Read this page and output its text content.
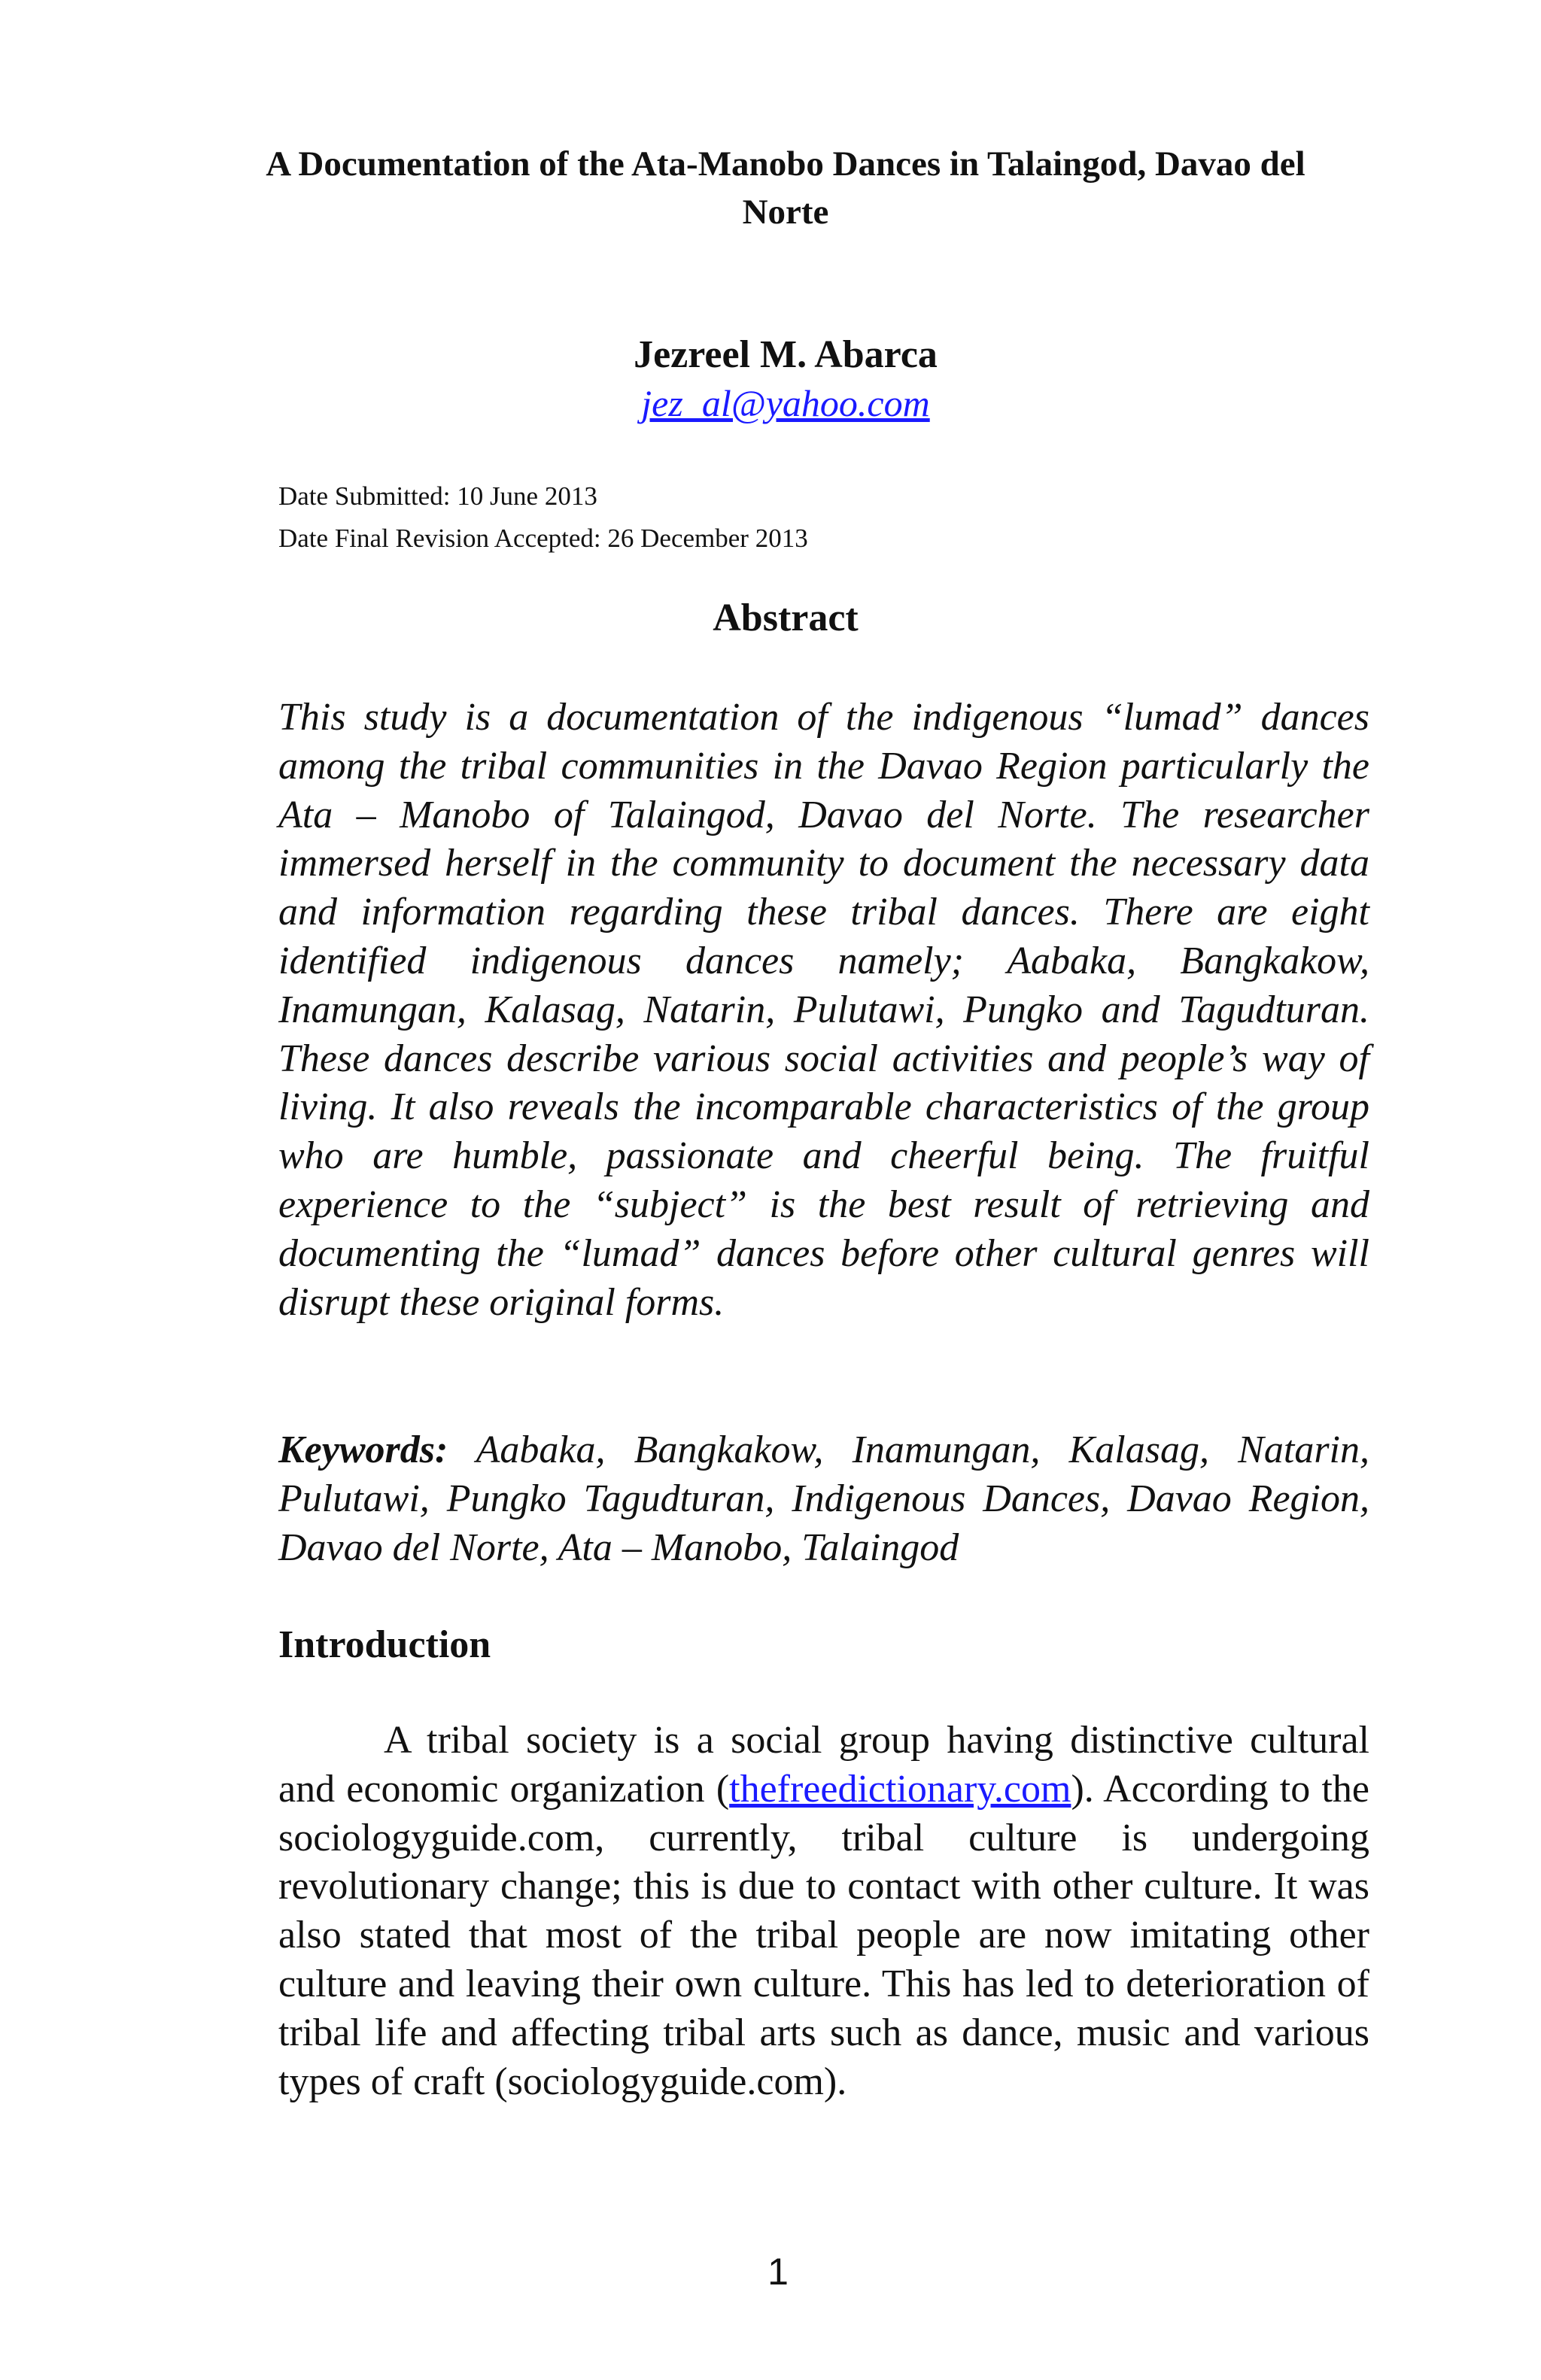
A Documentation of the Ata-Manobo Dances in Talaingod, Davao del Norte
Jezreel M. Abarca
jez_al@yahoo.com
Date Submitted: 10 June 2013
Date Final Revision Accepted: 26 December 2013
Abstract
This study is a documentation of the indigenous “lumad” dances among the tribal communities in the Davao Region particularly the Ata – Manobo of Talaingod, Davao del Norte. The researcher immersed herself in the community to document the necessary data and information regarding these tribal dances. There are eight identified indigenous dances namely; Aabaka, Bangkakow, Inamungan, Kalasag, Natarin, Pulutawi, Pungko and Tagudturan. These dances describe various social activities and people’s way of living. It also reveals the incomparable characteristics of the group who are humble, passionate and cheerful being. The fruitful experience to the “subject” is the best result of retrieving and documenting the “lumad” dances before other cultural genres will disrupt these original forms.
Keywords: Aabaka, Bangkakow, Inamungan, Kalasag, Natarin, Pulutawi, Pungko Tagudturan, Indigenous Dances, Davao Region, Davao del Norte, Ata – Manobo, Talaingod
Introduction
A tribal society is a social group having distinctive cultural and economic organization (thefreedictionary.com). According to the sociologyguide.com, currently, tribal culture is undergoing revolutionary change; this is due to contact with other culture. It was also stated that most of the tribal people are now imitating other culture and leaving their own culture. This has led to deterioration of tribal life and affecting tribal arts such as dance, music and various types of craft (sociologyguide.com).
1
